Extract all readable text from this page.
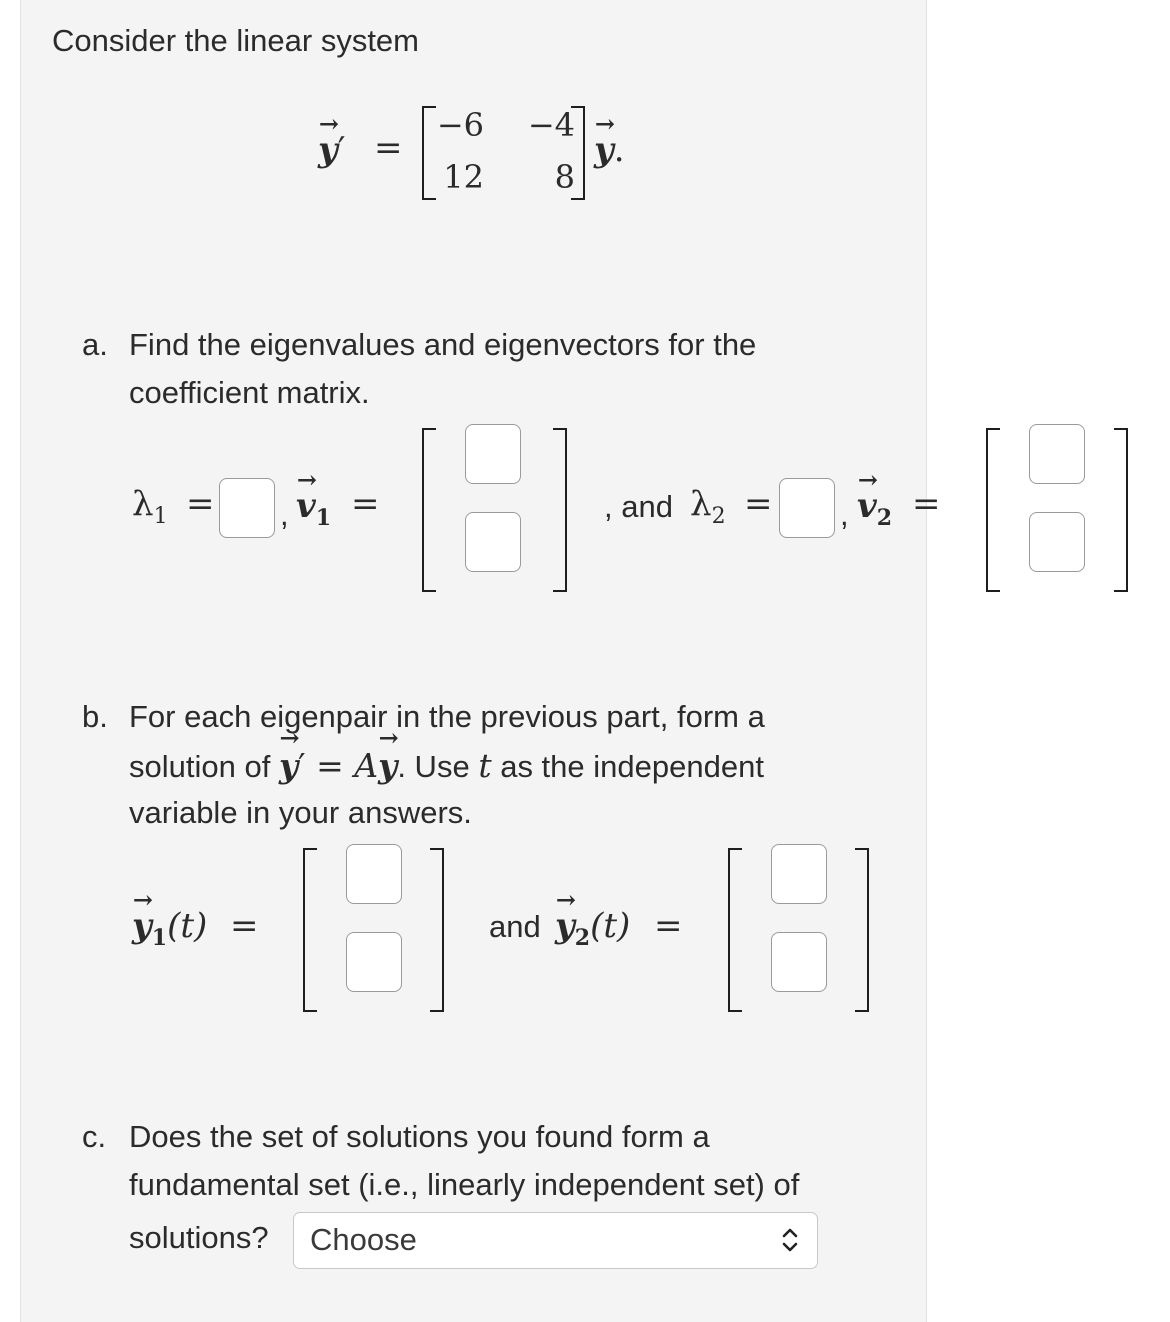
Consider the linear system
→ y′ =
−6	−4
12	8
→ y.
a. Find the eigenvalues and eigenvectors for the
coefficient matrix.
$\lambda_1$ = , → $v_1$ =	, and $\lambda_2$ = , → $v_2$ =
b. For each eigenpair in the previous part, form a
solution of → y′ = A→ y. Use t as the independent
variable in your answers.
→ $y_1(t)$ =	and → $y_2(t)$ =
c. Does the set of solutions you found form a
fundamental set (i.e., linearly independent set) of
solutions?	Choose
